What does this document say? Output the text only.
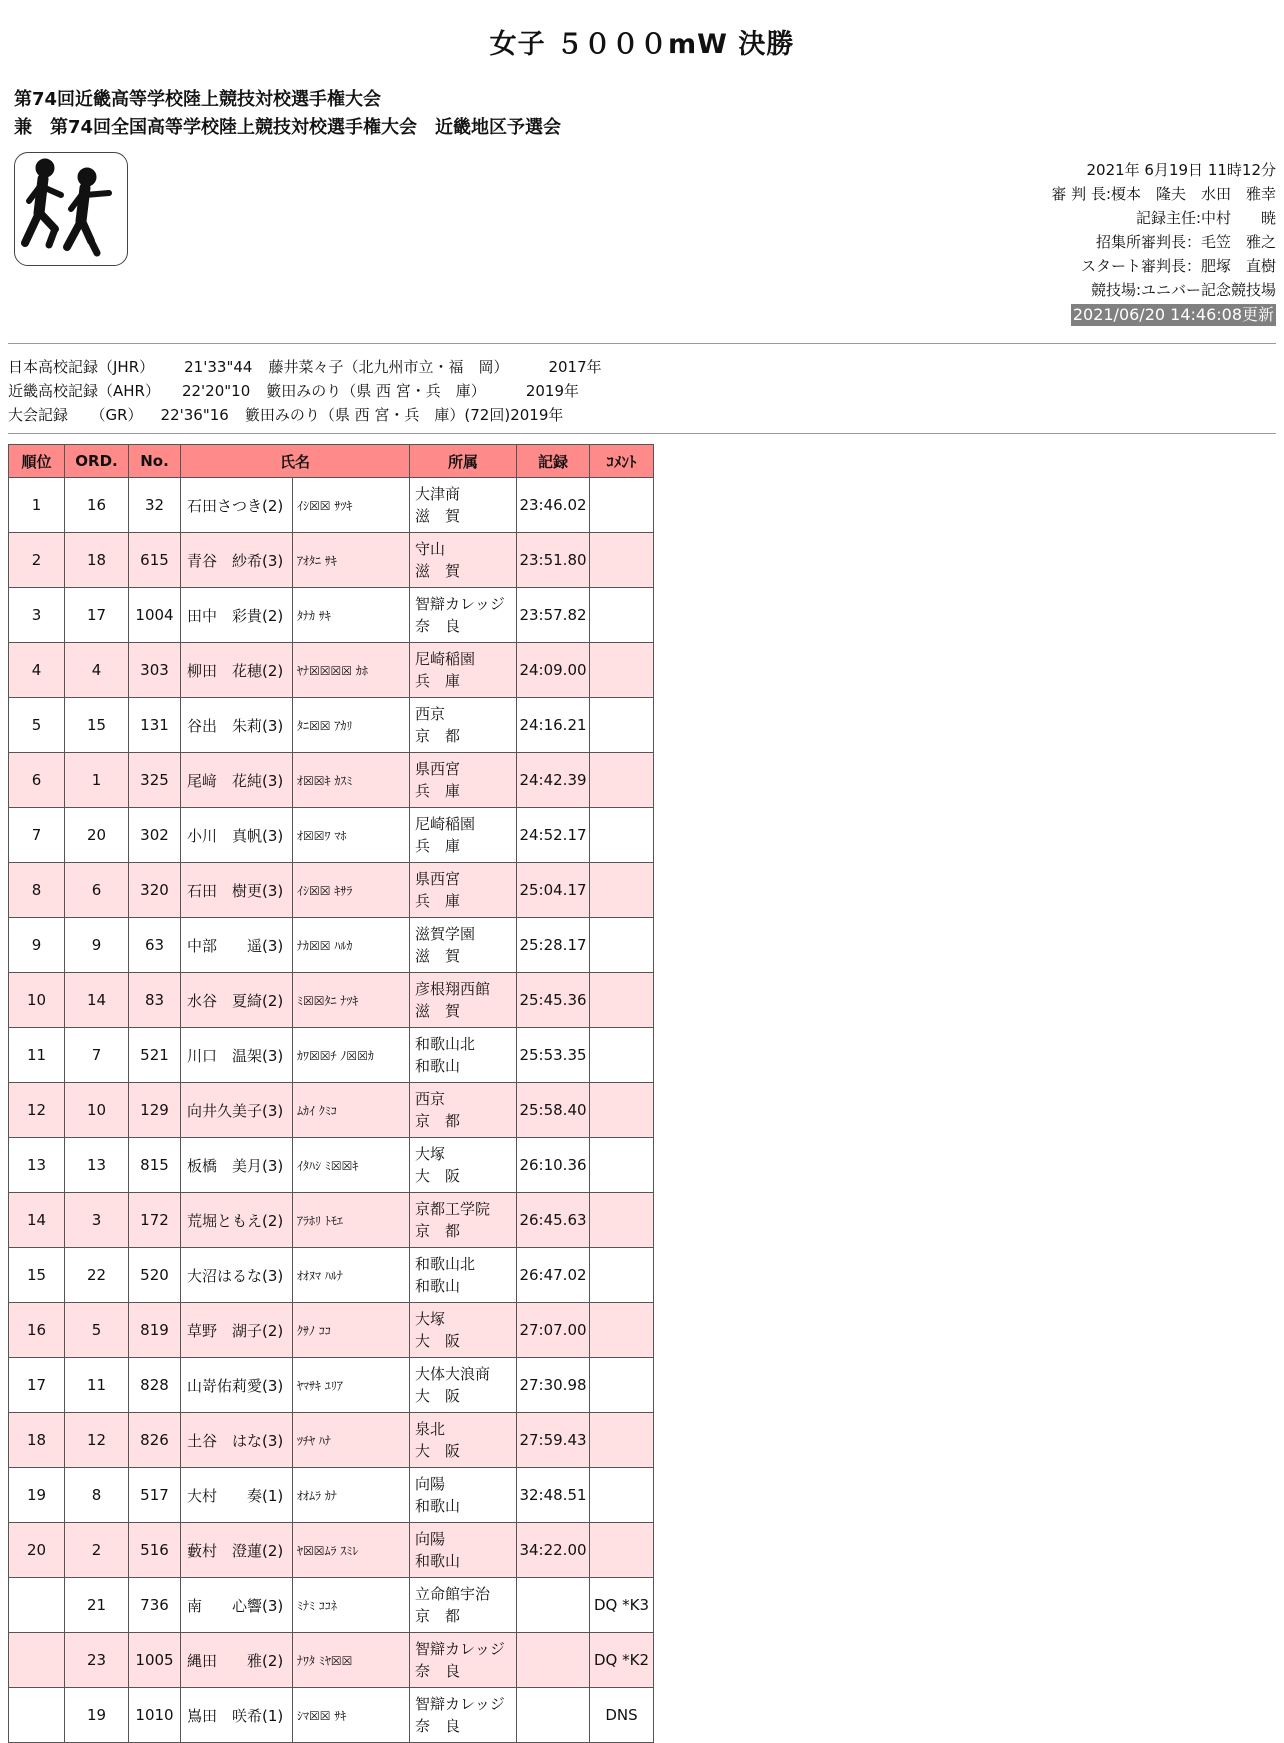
女子 ５０００mW 決勝
第74回近畿高等学校陸上競技対校選手権大会
兼　第74回全国高等学校陸上競技対校選手権大会　近畿地区予選会
2021年 6月19日 11時12分
審 判 長:榎本　隆夫　水田　雅幸
記録主任:中村　　暁
招集所審判長：毛笠　雅之
スタート審判長：肥塚　直樹
競技場:ユニバー記念競技場
2021/06/20 14:46:08更新
日本高校記録（JHR） 21'33"44 藤井菜々子（北九州市立・福　岡）	2017年
近畿高校記録（AHR） 22'20"10 籔田みのり（県 西 宮・兵　庫）	2019年
大会記録　　（GR） 22'36"16 籔田みのり（県 西 宮・兵　庫）(72回)2019年
順位	ORD.	No.	氏名		所属	記録	ｺﾒﾝﾄ
1	16	32	石田さつき(2)	ｲｼ☒☒ ｻﾂｷ	大津商
滋　賀	23:46.02	
2	18	615	青谷　紗希(3)	ｱｵﾀﾆ ｻｷ	守山
滋　賀	23:51.80	
3	17	1004	田中　彩貴(2)	ﾀﾅｶ ｻｷ	智辯カレッジ
奈　良	23:57.82	
4	4	303	柳田　花穂(2)	ﾔﾅ☒☒☒☒ ｶﾎ	尼崎稲園
兵　庫	24:09.00	
5	15	131	谷出　朱莉(3)	ﾀﾆ☒☒ ｱｶﾘ	西京
京　都	24:16.21	
6	1	325	尾﨑　花純(3)	ｵ☒☒ｷ ｶｽﾐ	県西宮
兵　庫	24:42.39	
7	20	302	小川　真帆(3)	ｵ☒☒ﾜ ﾏﾎ	尼崎稲園
兵　庫	24:52.17	
8	6	320	石田　樹更(3)	ｲｼ☒☒ ｷｻﾗ	県西宮
兵　庫	25:04.17	
9	9	63	中部　　遥(3)	ﾅｶ☒☒ ﾊﾙｶ	滋賀学園
滋　賀	25:28.17	
10	14	83	水谷　夏綺(2)	ﾐ☒☒ﾀﾆ ﾅﾂｷ	彦根翔西館
滋　賀	25:45.36	
11	7	521	川口　温架(3)	ｶﾜ☒☒ﾁ ﾉ☒☒ｶ	和歌山北
和歌山	25:53.35	
12	10	129	向井久美子(3)	ﾑｶｲ ｸﾐｺ	西京
京　都	25:58.40	
13	13	815	板橋　美月(3)	ｲﾀﾊｼ ﾐ☒☒ｷ	大塚
大　阪	26:10.36	
14	3	172	荒堀ともえ(2)	ｱﾗﾎﾘ ﾄﾓｴ	京都工学院
京　都	26:45.63	
15	22	520	大沼はるな(3)	ｵｵﾇﾏ ﾊﾙﾅ	和歌山北
和歌山	26:47.02	
16	5	819	草野　湖子(2)	ｸｻﾉ ｺｺ	大塚
大　阪	27:07.00	
17	11	828	山嵜佑莉愛(3)	ﾔﾏｻｷ ﾕﾘｱ	大体大浪商
大　阪	27:30.98	
18	12	826	土谷　はな(3)	ﾂﾁﾔ ﾊﾅ	泉北
大　阪	27:59.43	
19	8	517	大村　　奏(1)	ｵｵﾑﾗ ｶﾅ	向陽
和歌山	32:48.51	
20	2	516	藪村　澄蓮(2)	ﾔ☒☒ﾑﾗ ｽﾐﾚ	向陽
和歌山	34:22.00	
	21	736	南　　心響(3)	ﾐﾅﾐ ｺｺﾈ	立命館宇治
京　都		DQ *K3
	23	1005	縄田　　雅(2)	ﾅﾜﾀ ﾐﾔ☒☒	智辯カレッジ
奈　良		DQ *K2
	19	1010	嶌田　咲希(1)	ｼﾏ☒☒ ｻｷ	智辯カレッジ
奈　良		DNS
